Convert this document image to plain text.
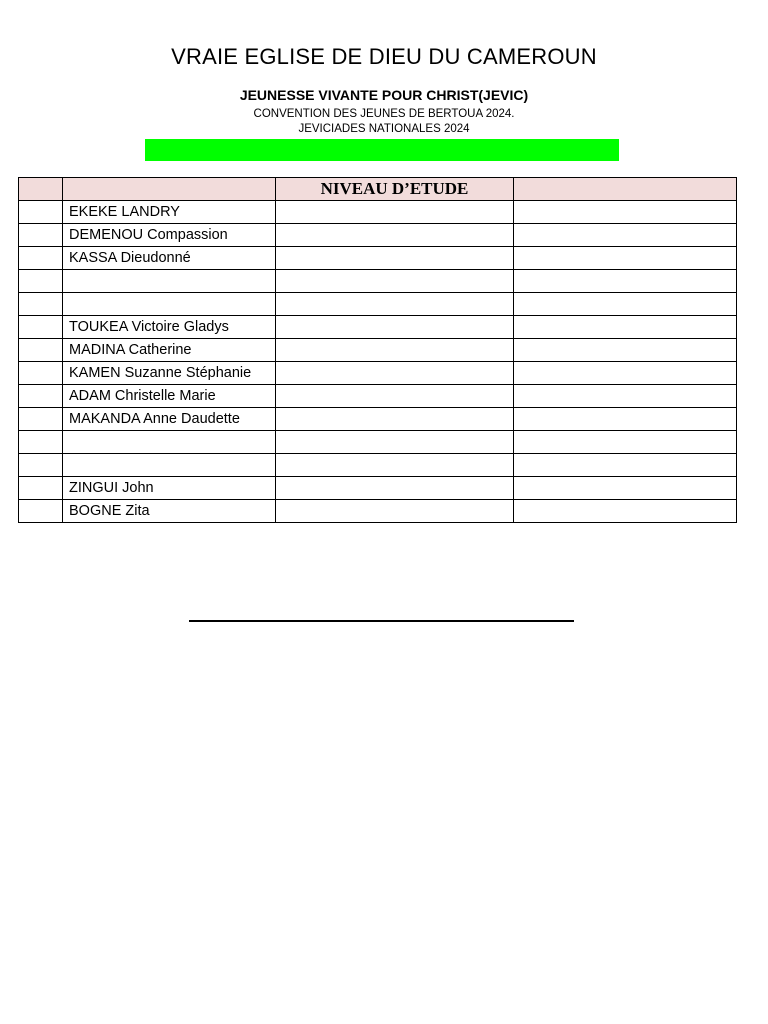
VRAIE EGLISE DE DIEU DU CAMEROUN
JEUNESSE VIVANTE POUR CHRIST(JEVIC)
CONVENTION DES JEUNES DE BERTOUA 2024.
JEVICIADES NATIONALES 2024
		NIVEAU D’ETUDE	
	EKEKE LANDRY		
	DEMENOU Compassion		
	KASSA Dieudonné		

	TOUKEA Victoire Gladys		
	MADINA Catherine		
	KAMEN Suzanne Stéphanie		
	ADAM Christelle Marie		
	MAKANDA Anne Daudette		

	ZINGUI John		
	BOGNE Zita		
